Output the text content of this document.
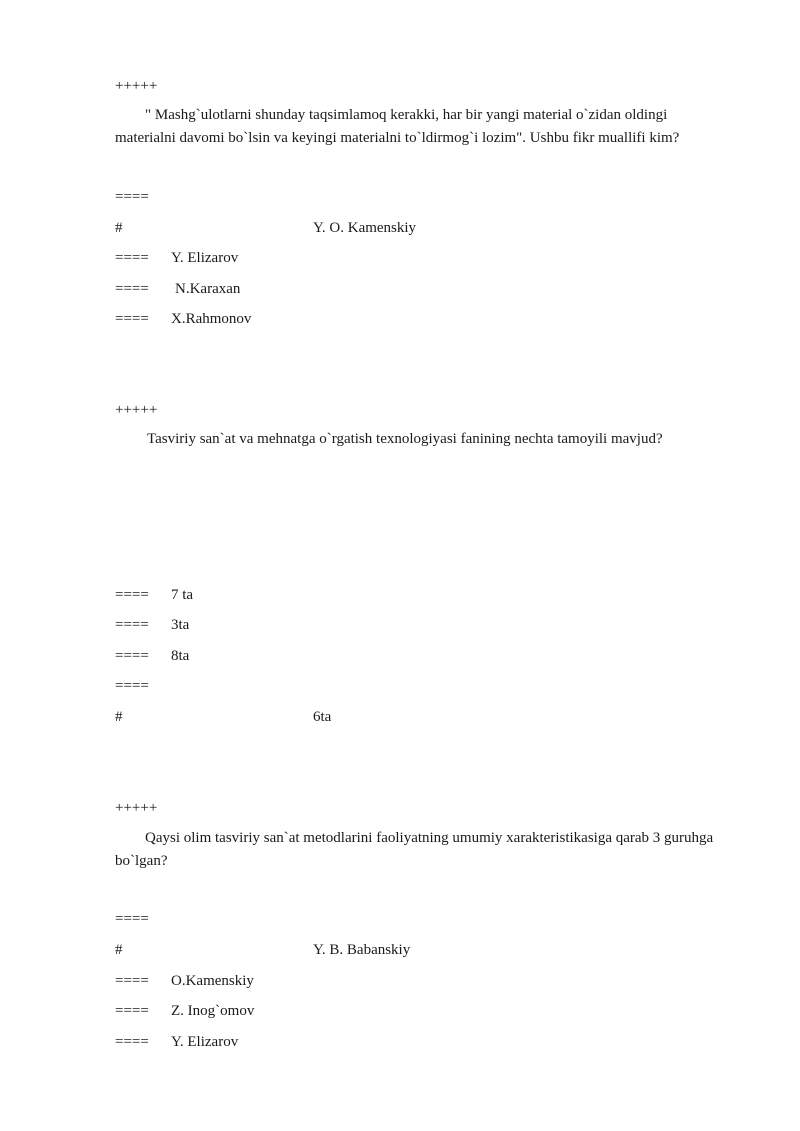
+++++
" Mashg`ulotlarni shunday taqsimlamoq kerakki, har bir yangi material o`zidan oldingi materialni davomi bo`lsin va keyingi materialni to`ldirmog`i lozim". Ushbu fikr muallifi kim?
====
#	Y. O. Kamenskiy
==== Y. Elizarov
==== N.Karaxan
==== X.Rahmonov
+++++
Tasviriy san`at va mehnatga o`rgatish texnologiyasi fanining nechta tamoyili mavjud?
==== 7 ta
==== 3ta
==== 8ta
====
#	6ta
+++++
Qaysi olim tasviriy san`at metodlarini faoliyatning umumiy xarakteristikasiga qarab 3 guruhga bo`lgan?
====
#	Y. B. Babanskiy
==== O.Kamenskiy
==== Z. Inog`omov
==== Y. Elizarov
